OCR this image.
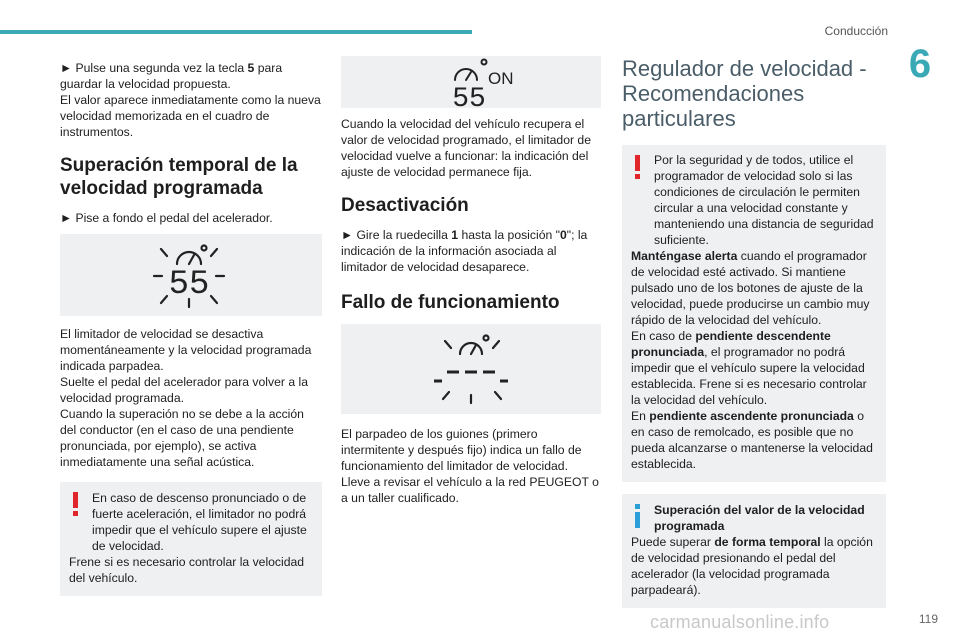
Conducción
6

► Pulse una segunda vez la tecla 5 para guardar la velocidad propuesta.

El valor aparece inmediatamente como la nueva velocidad memorizada en el cuadro de instrumentos.

Superación temporal de la velocidad programada

► Pise a fondo el pedal del acelerador.

55

El limitador de velocidad se desactiva momentáneamente y la velocidad programada indicada parpadea.

Suelte el pedal del acelerador para volver a la velocidad programada.

Cuando la superación no se debe a la acción del conductor (en el caso de una pendiente pronunciada, por ejemplo), se activa inmediatamente una señal acústica.

En caso de descenso pronunciado o de fuerte aceleración, el limitador no podrá impedir que el vehículo supere el ajuste de velocidad.

Frene si es necesario controlar la velocidad del vehículo.

ON
55

Cuando la velocidad del vehículo recupera el valor de velocidad programado, el limitador de velocidad vuelve a funcionar: la indicación del ajuste de velocidad permanece fija.

Desactivación

► Gire la ruedecilla 1 hasta la posición "0"; la indicación de la información asociada al limitador de velocidad desaparece.

Fallo de funcionamiento

El parpadeo de los guiones (primero intermitente y después fijo) indica un fallo de funcionamiento del limitador de velocidad.

Lleve a revisar el vehículo a la red PEUGEOT o a un taller cualificado.

Regulador de velocidad - Recomendaciones particulares

Por la seguridad y de todos, utilice el programador de velocidad solo si las condiciones de circulación le permiten circular a una velocidad constante y manteniendo una distancia de seguridad suficiente.

Manténgase alerta cuando el programador de velocidad esté activado. Si mantiene pulsado uno de los botones de ajuste de la velocidad, puede producirse un cambio muy rápido de la velocidad del vehículo.

En caso de pendiente descendente pronunciada, el programador no podrá impedir que el vehículo supere la velocidad establecida. Frene si es necesario controlar la velocidad del vehículo.

En pendiente ascendente pronunciada o en caso de remolcado, es posible que no pueda alcanzarse o mantenerse la velocidad establecida.

Superación del valor de la velocidad programada

Puede superar de forma temporal la opción de velocidad presionando el pedal del acelerador (la velocidad programada parpadeará).

carmanualsonline.info	119
